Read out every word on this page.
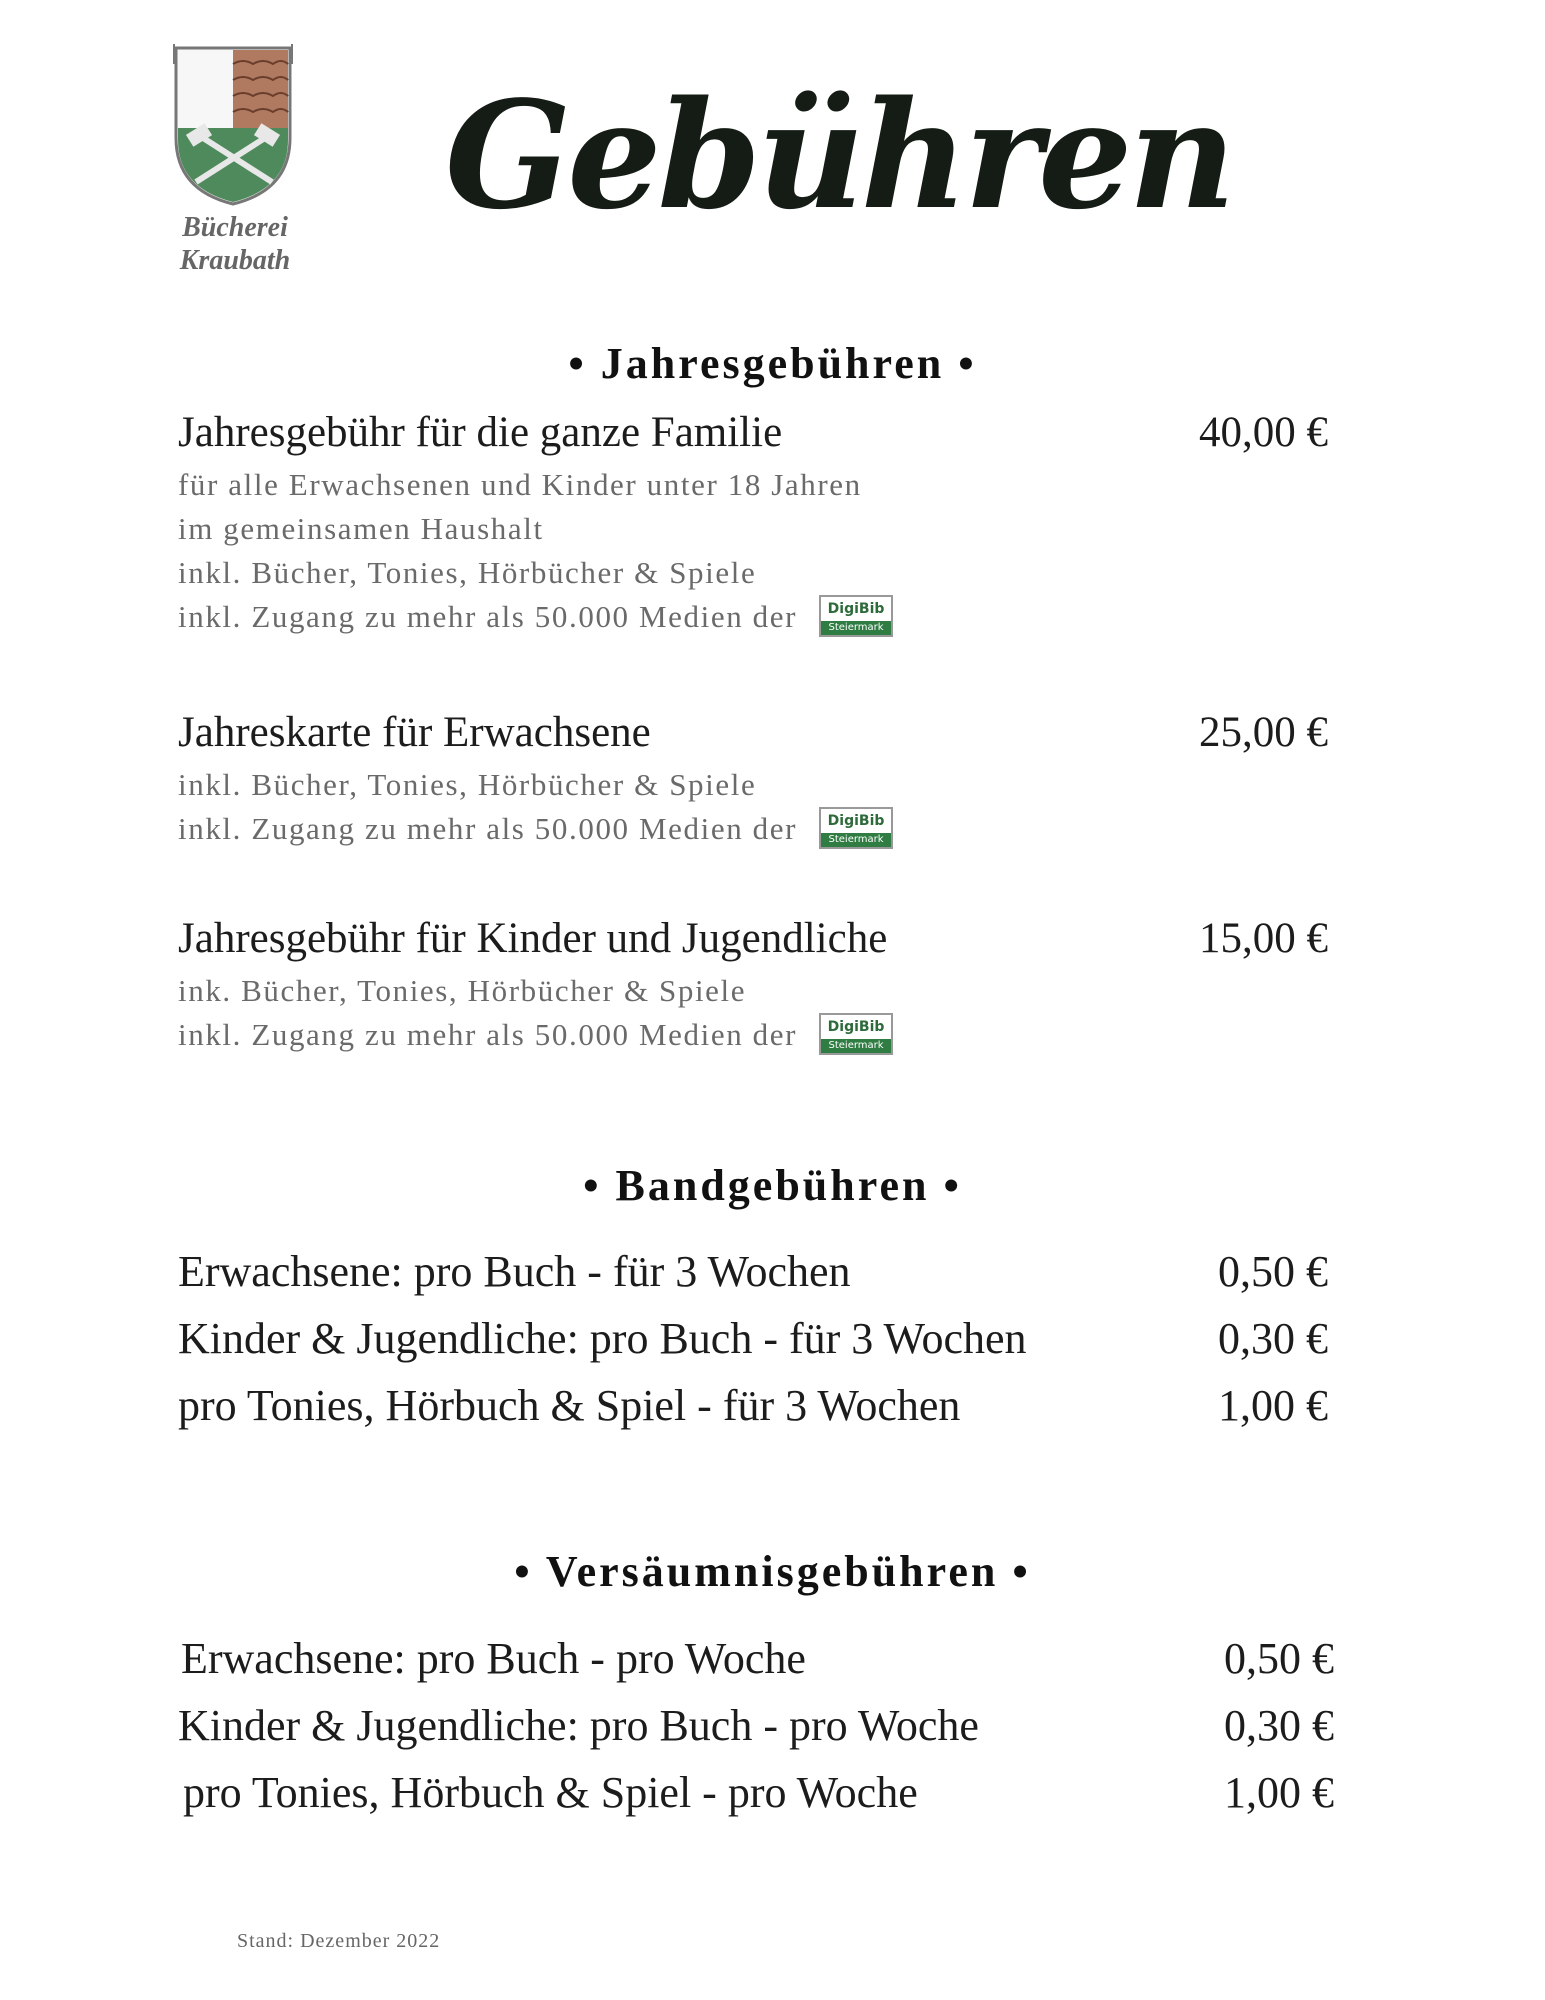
Bücherei
Kraubath
Gebühren
• Jahresgebühren •
Jahresgebühr für die ganze Familie	40,00 €
für alle Erwachsenen und Kinder unter 18 Jahren
im gemeinsamen Haushalt
inkl. Bücher, Tonies, Hörbücher & Spiele
inkl. Zugang zu mehr als 50.000 Medien der	DigiBib
Steiermark
Jahreskarte für Erwachsene	25,00 €
inkl. Bücher, Tonies, Hörbücher & Spiele
inkl. Zugang zu mehr als 50.000 Medien der	DigiBib
Steiermark
Jahresgebühr für Kinder und Jugendliche	15,00 €
ink. Bücher, Tonies, Hörbücher & Spiele
inkl. Zugang zu mehr als 50.000 Medien der	DigiBib
Steiermark
• Bandgebühren •
Erwachsene: pro Buch - für 3 Wochen	0,50 €
Kinder & Jugendliche: pro Buch - für 3 Wochen	0,30 €
pro Tonies, Hörbuch & Spiel - für 3 Wochen	1,00 €
• Versäumnisgebühren •
Erwachsene: pro Buch - pro Woche	0,50 €
Kinder & Jugendliche: pro Buch - pro Woche	0,30 €
pro Tonies, Hörbuch & Spiel - pro Woche	1,00 €
Stand: Dezember 2022
